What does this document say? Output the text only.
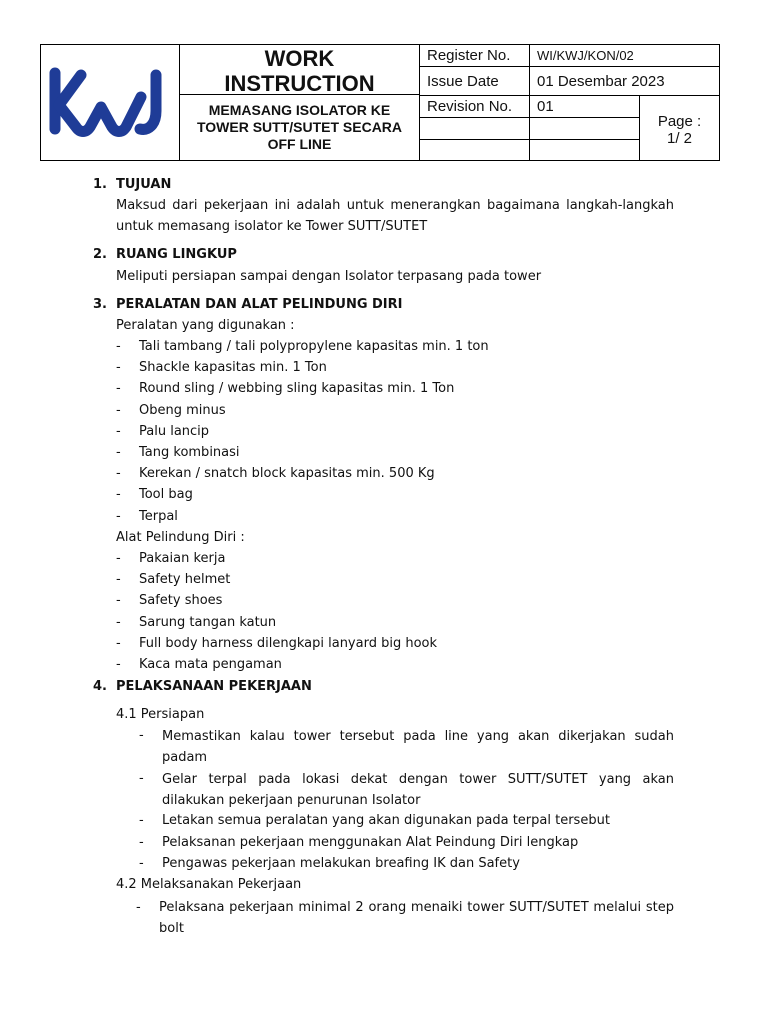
WORK
INSTRUCTION
MEMASANG ISOLATOR KE TOWER SUTT/SUTET SECARA OFF LINE
Register No. WI/KWJ/KON/02
Issue Date	01 Desembar 2023
Revision No. 01
Page :
1/ 2
1. TUJUAN
Maksud dari pekerjaan ini adalah untuk menerangkan bagaimana langkah-langkah untuk memasang isolator ke Tower SUTT/SUTET
2. RUANG LINGKUP
Meliputi persiapan sampai dengan Isolator terpasang pada tower
3. PERALATAN DAN ALAT PELINDUNG DIRI
Peralatan yang digunakan :
- Tali tambang / tali polypropylene kapasitas min. 1 ton
- Shackle kapasitas min. 1 Ton
- Round sling / webbing sling kapasitas min. 1 Ton
- Obeng minus
- Palu lancip
- Tang kombinasi
- Kerekan / snatch block kapasitas min. 500 Kg
- Tool bag
- Terpal
Alat Pelindung Diri :
- Pakaian kerja
- Safety helmet
- Safety shoes
- Sarung tangan katun
- Full body harness dilengkapi lanyard big hook
- Kaca mata pengaman
4. PELAKSANAAN PEKERJAAN
4.1 Persiapan
- Memastikan kalau tower tersebut pada line yang akan dikerjakan sudah padam
- Gelar terpal pada lokasi dekat dengan tower SUTT/SUTET yang akan dilakukan pekerjaan penurunan Isolator
- Letakan semua peralatan yang akan digunakan pada terpal tersebut
- Pelaksanan pekerjaan menggunakan Alat Peindung Diri lengkap
- Pengawas pekerjaan melakukan breafing IK dan Safety
4.2 Melaksanakan Pekerjaan
- Pelaksana pekerjaan minimal 2 orang menaiki tower SUTT/SUTET melalui step bolt
